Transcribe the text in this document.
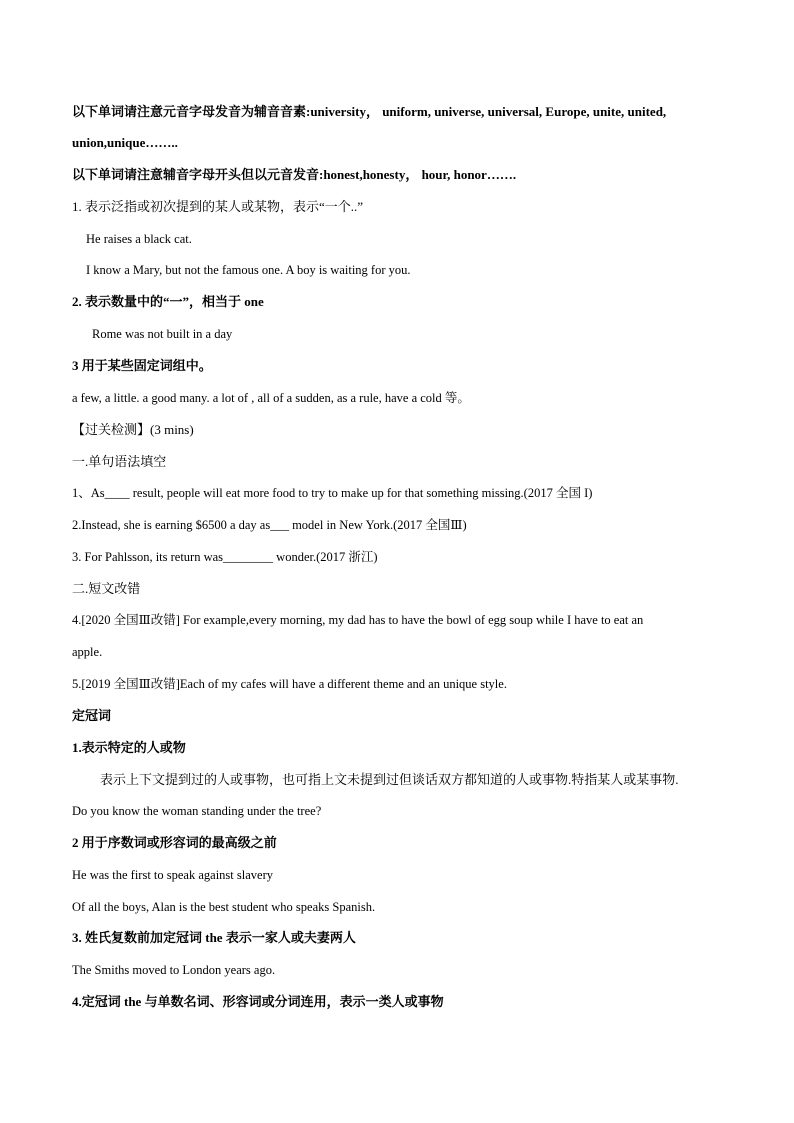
以下单词请注意元音字母发音为辅音音素:university， uniform, universe, universal, Europe, unite, united,
union,unique……..
以下单词请注意辅音字母开头但以元音发音:honest,honesty， hour, honor…….
1. 表示泛指或初次提到的某人或某物，表示“一个..”
He raises a black cat.
I know a Mary, but not the famous one. A boy is waiting for you.
2. 表示数量中的“一”，相当于 one
Rome was not built in a day
3 用于某些固定词组中。
a few, a little. a good many. a lot of , all of a sudden, as a rule, have a cold 等。
【过关检测】(3 mins)
一.单句语法填空
1、As____ result, people will eat more food to try to make up for that something missing.(2017 全国 I)
2.Instead, she is earning $6500 a day as___ model in New York.(2017 全国Ⅲ)
3. For Pahlsson, its return was________ wonder.(2017 浙江)
二.短文改错
4.[2020 全国Ⅲ改错] For example,every morning, my dad has to have the bowl of egg soup while I have to eat an
apple.
5.[2019 全国Ⅲ改错]Each of my cafes will have a different theme and an unique style.
定冠词
1.表示特定的人或物
表示上下文提到过的人或事物，也可指上文未提到过但谈话双方都知道的人或事物.特指某人或某事物.
Do you know the woman standing under the tree?
2 用于序数词或形容词的最高级之前
He was the first to speak against slavery
Of all the boys, Alan is the best student who speaks Spanish.
3. 姓氏复数前加定冠词 the 表示一家人或夫妻两人
The Smiths moved to London years ago.
4.定冠词 the 与单数名词、形容词或分词连用，表示一类人或事物
